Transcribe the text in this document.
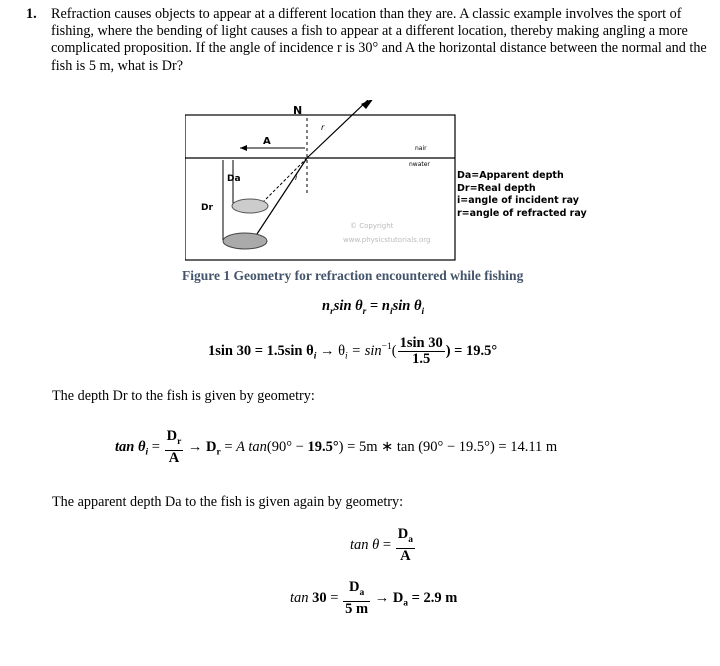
1. Refraction causes objects to appear at a different location than they are. A classic example involves the sport of fishing, where the bending of light causes a fish to appear at a different location, thereby making angling a more complicated proposition. If the angle of incidence r is 30° and A the horizontal distance between the normal and the fish is 5 m, what is Dr?
N
A
Da
Dr
r
i
nair
nwater
© Copyright
www.physicstutorials.org
Da=Apparent depth
Dr=Real depth
i=angle of incident ray
r=angle of refracted ray
Figure 1 Geometry for refraction encountered while fishing
$n_r\sin$ $\theta_r = n_i\sin$ $\theta_i$
1sin 30 = 1.5sin $\theta_i \to \theta_i = \sin^{-1}( \frac{1\sin 30}{1.5}$ ) = 19.5°
The depth Dr to the fish is given by geometry:
$\tan \theta_i = \frac{D_r}{A} \to D_r = A$ tan(90° − 19.5°) = 5m ∗ tan (90° − 19.5°) = 14.11 m
The apparent depth Da to the fish is given again by geometry:
$\tan \theta = \frac{D_a}{A}$
$\tan 30 = \frac{D_a}{5 m} \to D_a = 2.9$ m
